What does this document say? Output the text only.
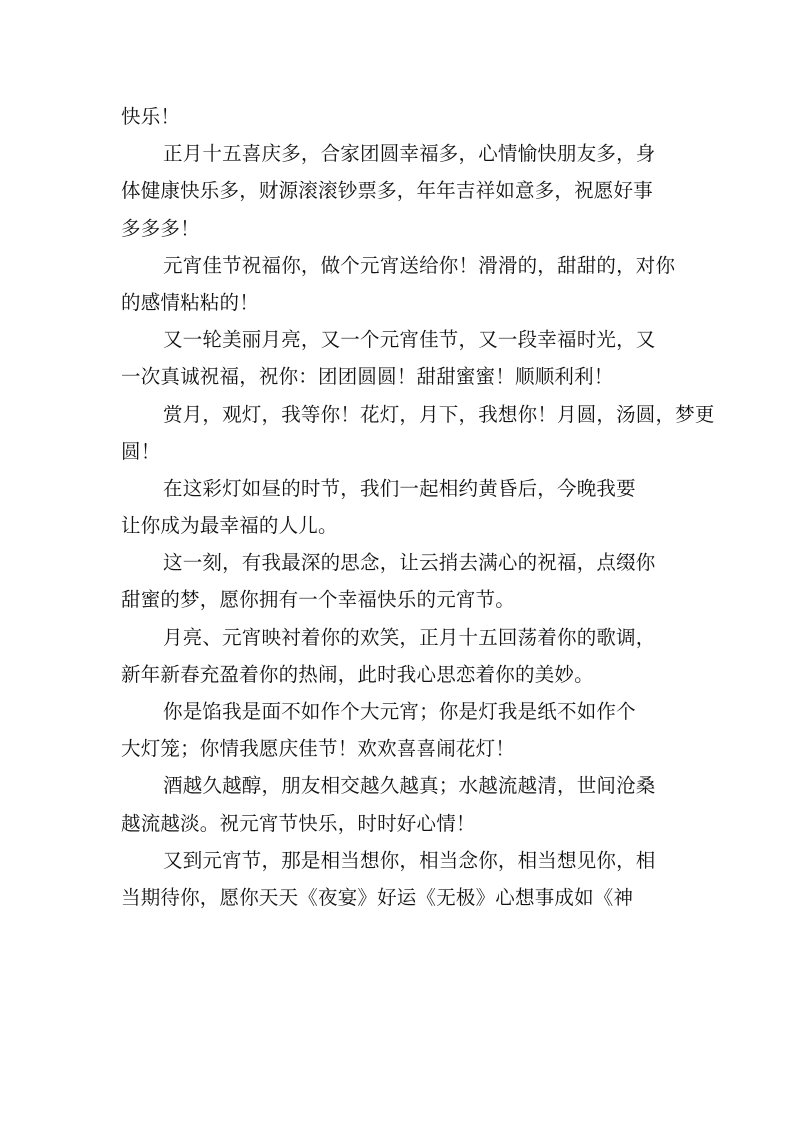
快乐！
正月十五喜庆多，合家团圆幸福多，心情愉快朋友多，身
体健康快乐多，财源滚滚钞票多，年年吉祥如意多，祝愿好事
多多多！
元宵佳节祝福你，做个元宵送给你！滑滑的，甜甜的，对你
的感情粘粘的！
又一轮美丽月亮，又一个元宵佳节，又一段幸福时光，又
一次真诚祝福，祝你：团团圆圆！甜甜蜜蜜！顺顺利利！
赏月，观灯，我等你！花灯，月下，我想你！月圆，汤圆，梦更
圆！
在这彩灯如昼的时节，我们一起相约黄昏后，今晚我要
让你成为最幸福的人儿。
这一刻，有我最深的思念，让云捎去满心的祝福，点缀你
甜蜜的梦，愿你拥有一个幸福快乐的元宵节。
月亮、元宵映衬着你的欢笑，正月十五回荡着你的歌调，
新年新春充盈着你的热闹，此时我心思恋着你的美妙。
你是馅我是面不如作个大元宵；你是灯我是纸不如作个
大灯笼；你情我愿庆佳节！欢欢喜喜闹花灯！
酒越久越醇，朋友相交越久越真；水越流越清，世间沧桑
越流越淡。祝元宵节快乐，时时好心情！
又到元宵节，那是相当想你，相当念你，相当想见你，相
当期待你，愿你天天《夜宴》好运《无极》心想事成如《神
